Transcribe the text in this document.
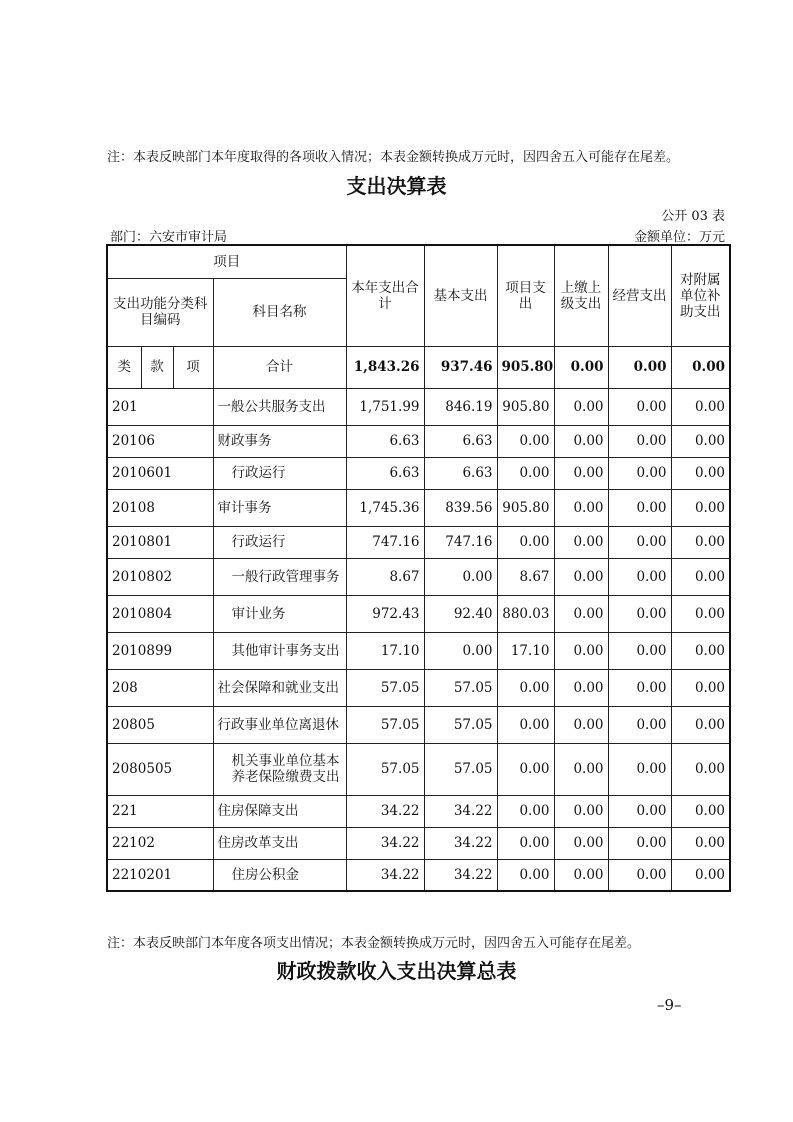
注：本表反映部门本年度取得的各项收入情况；本表金额转换成万元时，因四舍五入可能存在尾差。
支出决算表
公开 03 表
部门：六安市审计局	金额单位：万元
项目				本年支出合计	基本支出	项目支出	上缴上级支出	经营支出	对附属单位补助支出
支出功能分类科目编码			科目名称						
类	款	项	合计	1,843.26	937.46	905.80	0.00	0.00	0.00
201			一般公共服务支出	1,751.99	846.19	905.80	0.00	0.00	0.00
20106			财政事务	6.63	6.63	0.00	0.00	0.00	0.00
2010601			行政运行	6.63	6.63	0.00	0.00	0.00	0.00
20108			审计事务	1,745.36	839.56	905.80	0.00	0.00	0.00
2010801			行政运行	747.16	747.16	0.00	0.00	0.00	0.00
2010802			一般行政管理事务	8.67	0.00	8.67	0.00	0.00	0.00
2010804			审计业务	972.43	92.40	880.03	0.00	0.00	0.00
2010899			其他审计事务支出	17.10	0.00	17.10	0.00	0.00	0.00
208			社会保障和就业支出	57.05	57.05	0.00	0.00	0.00	0.00
20805			行政事业单位离退休	57.05	57.05	0.00	0.00	0.00	0.00
2080505			机关事业单位基本养老保险缴费支出	57.05	57.05	0.00	0.00	0.00	0.00
221			住房保障支出	34.22	34.22	0.00	0.00	0.00	0.00
22102			住房改革支出	34.22	34.22	0.00	0.00	0.00	0.00
2210201			住房公积金	34.22	34.22	0.00	0.00	0.00	0.00
注：本表反映部门本年度各项支出情况；本表金额转换成万元时，因四舍五入可能存在尾差。
财政拨款收入支出决算总表
–9–
